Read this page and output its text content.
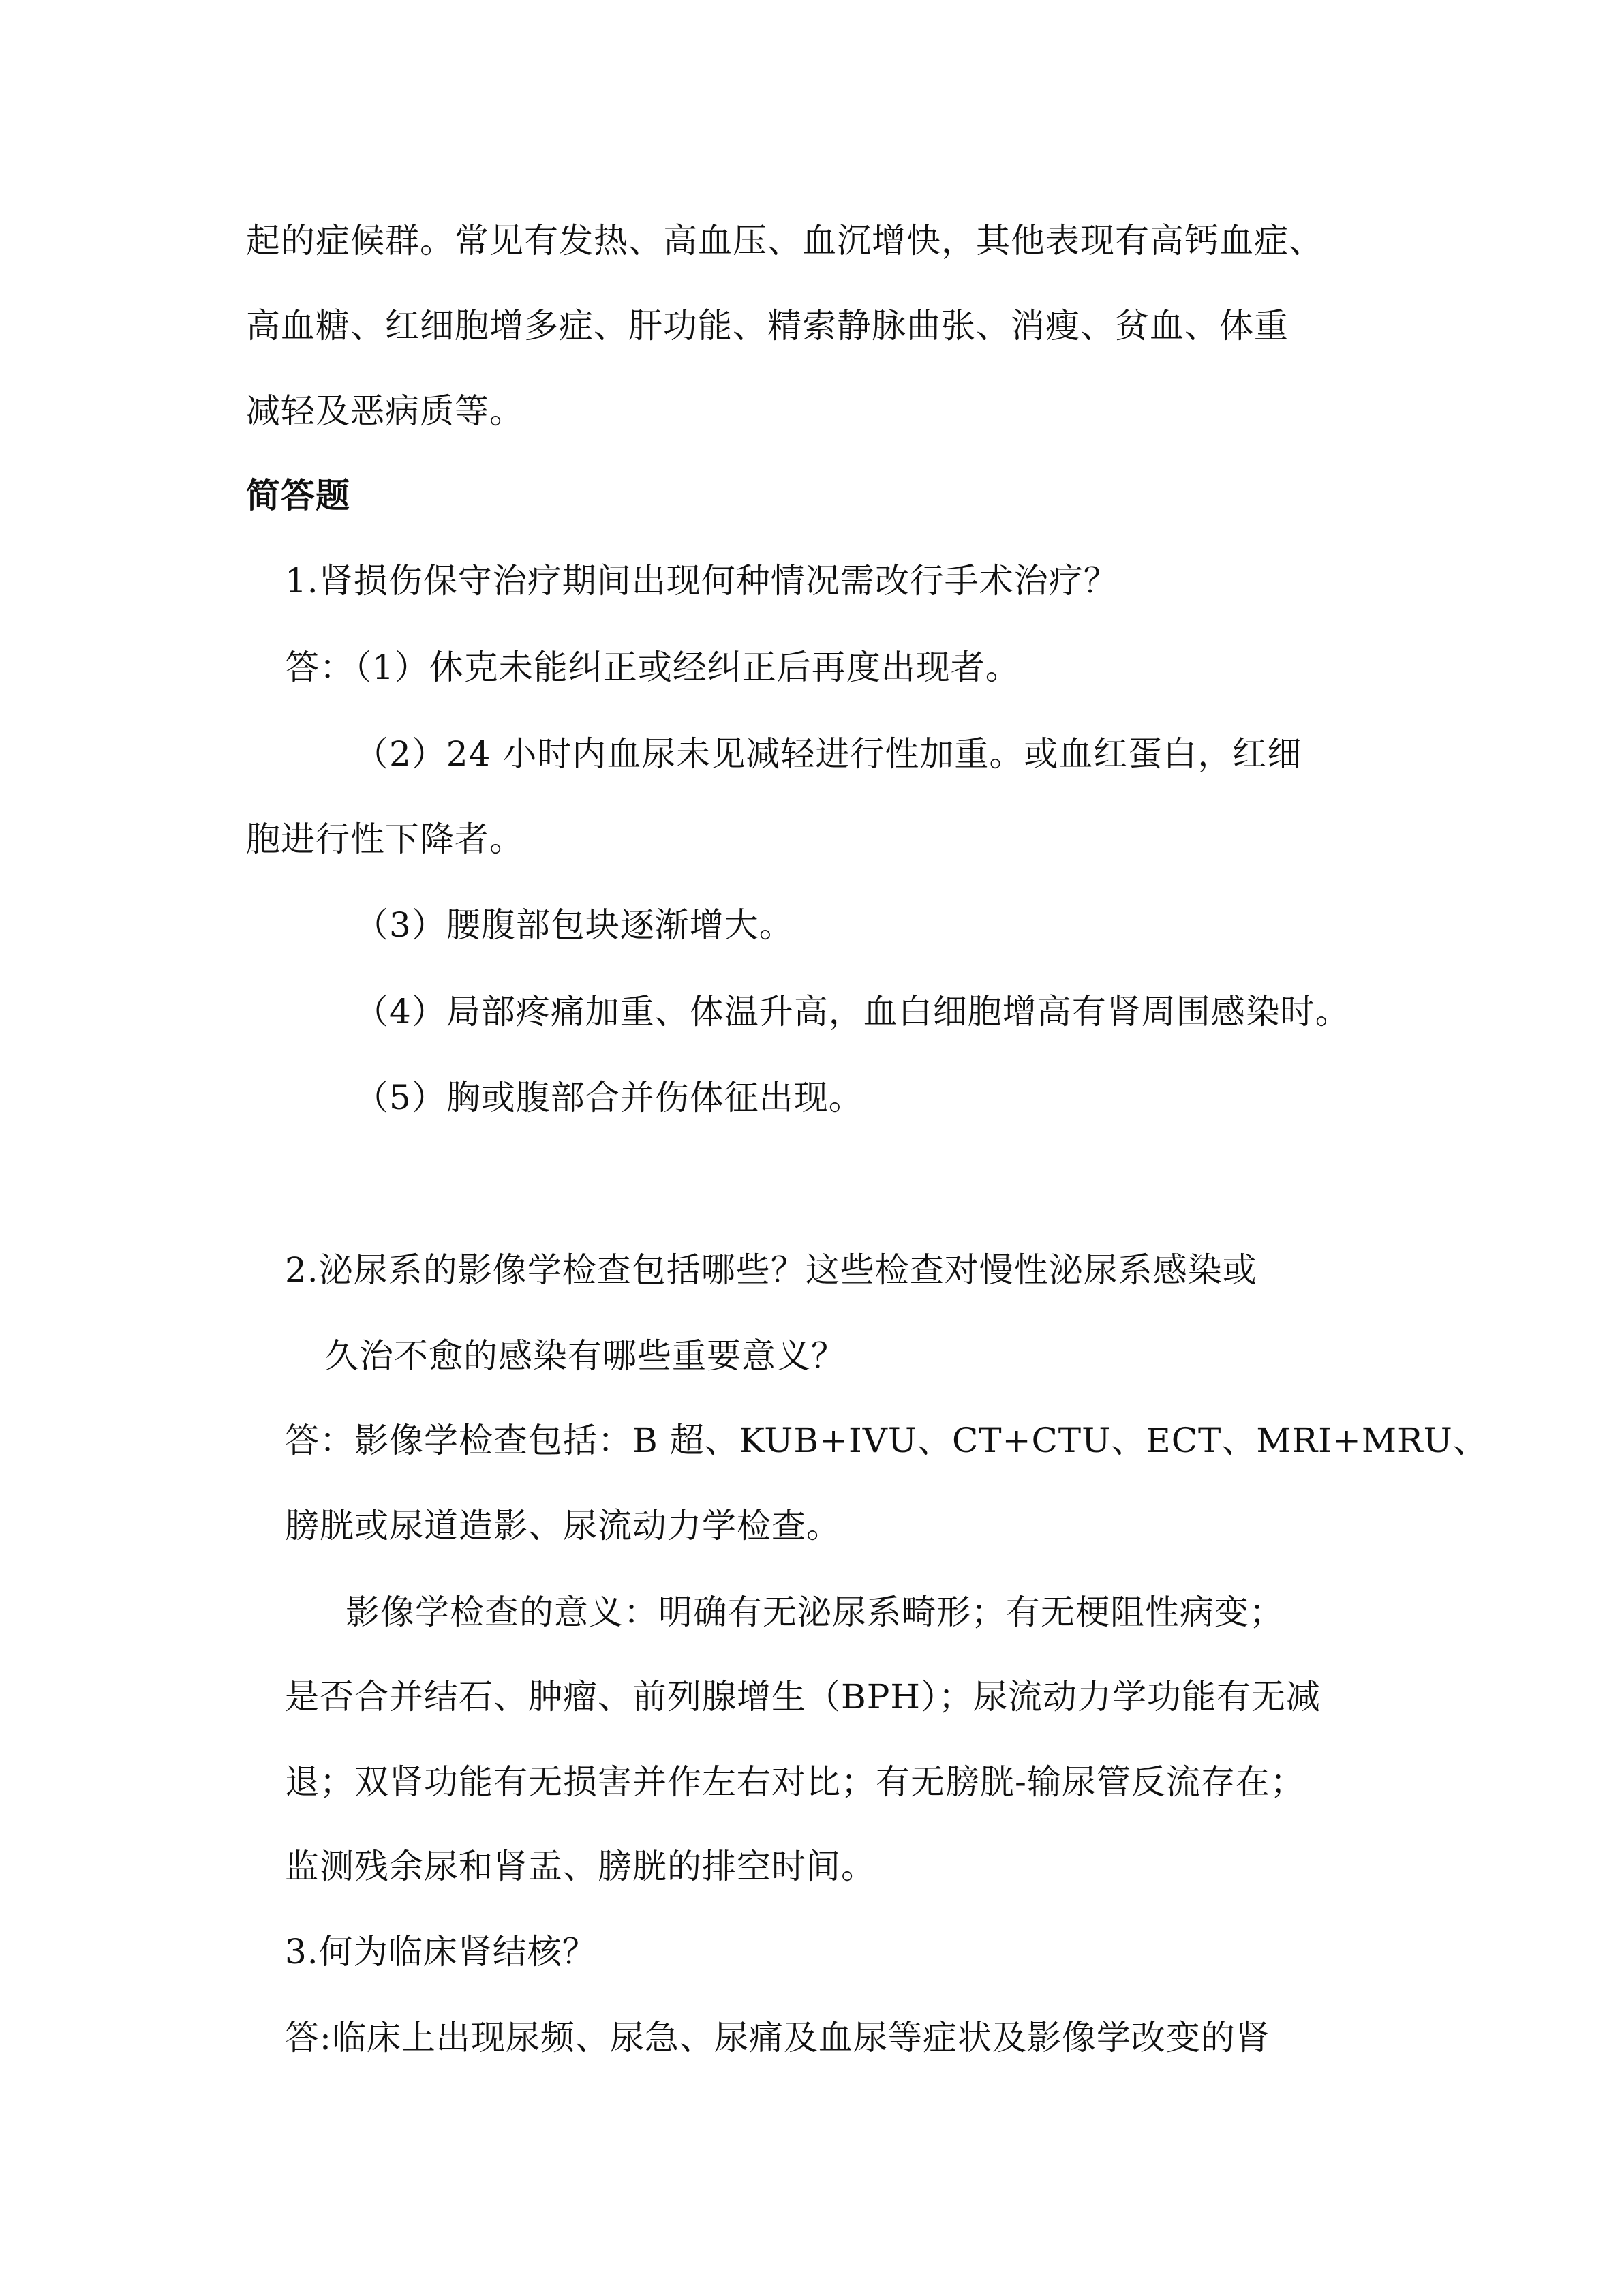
起的症候群。常见有发热、高血压、血沉增快，其他表现有高钙血症、

高血糖、红细胞增多症、肝功能、精索静脉曲张、消瘦、贫血、体重

减轻及恶病质等。

简答题

1.肾损伤保守治疗期间出现何种情况需改行手术治疗？

答：（1）休克未能纠正或经纠正后再度出现者。

（2）24 小时内血尿未见减轻进行性加重。或血红蛋白，红细

胞进行性下降者。

（3）腰腹部包块逐渐增大。

（4）局部疼痛加重、体温升高，血白细胞增高有肾周围感染时。

（5）胸或腹部合并伤体征出现。

2.泌尿系的影像学检查包括哪些？这些检查对慢性泌尿系感染或

久治不愈的感染有哪些重要意义？

答：影像学检查包括：B 超、KUB+IVU、CT+CTU、ECT、MRI+MRU、

膀胱或尿道造影、尿流动力学检查。

影像学检查的意义：明确有无泌尿系畸形；有无梗阻性病变；

是否合并结石、肿瘤、前列腺增生（BPH）；尿流动力学功能有无减

退；双肾功能有无损害并作左右对比；有无膀胱-输尿管反流存在；

监测残余尿和肾盂、膀胱的排空时间。

3.何为临床肾结核？

答:临床上出现尿频、尿急、尿痛及血尿等症状及影像学改变的肾
